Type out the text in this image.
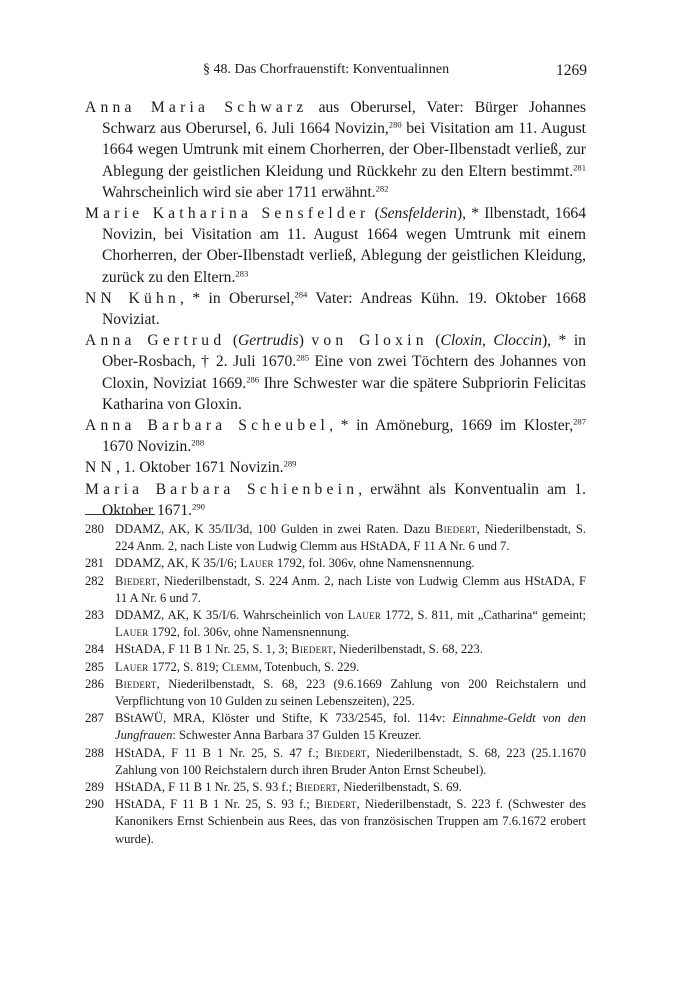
§ 48. Das Chorfrauenstift: Konventualinnen	1269

Anna Maria Schwarz aus Oberursel, Vater: Bürger Johannes Schwarz aus Oberursel, 6. Juli 1664 Novizin,$^{280}$ bei Visitation am 11. August 1664 wegen Umtrunk mit einem Chorherren, der Ober-Ilbenstadt verließ, zur Ablegung der geistlichen Kleidung und Rückkehr zu den Eltern bestimmt.$^{281}$ Wahrscheinlich wird sie aber 1711 erwähnt.$^{282}$

Marie Katharina Sensfelder (Sensfelderin), * Ilbenstadt, 1664 Novizin, bei Visitation am 11. August 1664 wegen Umtrunk mit einem Chorherren, der Ober-Ilbenstadt verließ, Ablegung der geistlichen Kleidung, zurück zu den Eltern.$^{283}$

NN Kühn, * in Oberursel,$^{284}$ Vater: Andreas Kühn. 19. Oktober 1668 Noviziat.

Anna Gertrud (Gertrudis) von Gloxin (Cloxin, Cloccin), * in Ober-Rosbach, † 2. Juli 1670.$^{285}$ Eine von zwei Töchtern des Johannes von Cloxin, Noviziat 1669.$^{286}$ Ihre Schwester war die spätere Subpriorin Felicitas Katharina von Gloxin.

Anna Barbara Scheubel, * in Amöneburg, 1669 im Kloster,$^{287}$ 1670 Novizin.$^{288}$

NN, 1. Oktober 1671 Novizin.$^{289}$

Maria Barbara Schienbein, erwähnt als Konventualin am 1. Oktober 1671.$^{290}$

280 DDAMZ, AK, K 35/II/3d, 100 Gulden in zwei Raten. Dazu Biedert, Niederilbenstadt, S. 224 Anm. 2, nach Liste von Ludwig Clemm aus HStADA, F 11 A Nr. 6 und 7.
281 DDAMZ, AK, K 35/I/6; Lauer 1792, fol. 306v, ohne Namensnennung.
282 Biedert, Niederilbenstadt, S. 224 Anm. 2, nach Liste von Ludwig Clemm aus HStADA, F 11 A Nr. 6 und 7.
283 DDAMZ, AK, K 35/I/6. Wahrscheinlich von Lauer 1772, S. 811, mit „Catharina“ gemeint; Lauer 1792, fol. 306v, ohne Namensnennung.
284 HStADA, F 11 B 1 Nr. 25, S. 1, 3; Biedert, Niederilbenstadt, S. 68, 223.
285 Lauer 1772, S. 819; Clemm, Totenbuch, S. 229.
286 Biedert, Niederilbenstadt, S. 68, 223 (9.6.1669 Zahlung von 200 Reichstalern und Verpflichtung von 10 Gulden zu seinen Lebenszeiten), 225.
287 BStAWÜ, MRA, Klöster und Stifte, K 733/2545, fol. 114v: Einnahme-Geldt von den Jungfrauen: Schwester Anna Barbara 37 Gulden 15 Kreuzer.
288 HStADA, F 11 B 1 Nr. 25, S. 47 f.; Biedert, Niederilbenstadt, S. 68, 223 (25.1.1670 Zahlung von 100 Reichstalern durch ihren Bruder Anton Ernst Scheubel).
289 HStADA, F 11 B 1 Nr. 25, S. 93 f.; Biedert, Niederilbenstadt, S. 69.
290 HStADA, F 11 B 1 Nr. 25, S. 93 f.; Biedert, Niederilbenstadt, S. 223 f. (Schwester des Kanonikers Ernst Schienbein aus Rees, das von französischen Truppen am 7.6.1672 erobert wurde).
